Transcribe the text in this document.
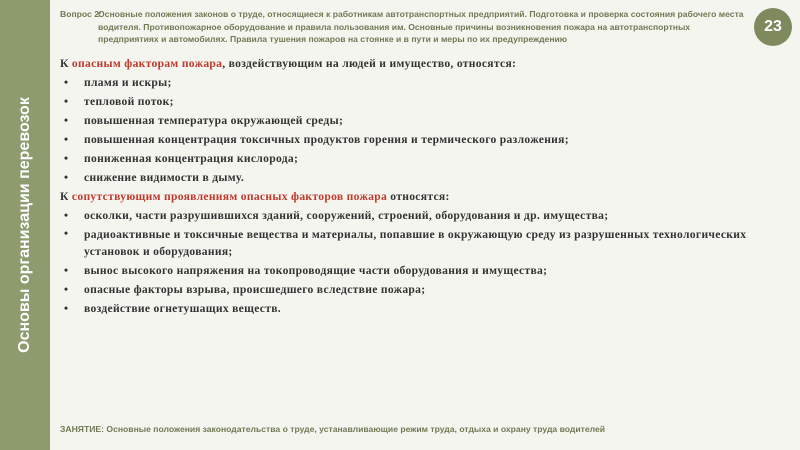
Основы организации перевозок
Вопрос 2:
Основные положения законов о труде, относящиеся к работникам автотранспортных предприятий. Подготовка и проверка состояния рабочего места водителя. Противопожарное оборудование и правила пользования им. Основные причины возникновения пожара на автотранспортных предприятиях и автомобилях. Правила тушения пожаров на стоянке и в пути и меры по их предупреждению
23

К опасным факторам пожара, воздействующим на людей и имущество, относятся:

• пламя и искры;
• тепловой поток;
• повышенная температура окружающей среды;
• повышенная концентрация токсичных продуктов горения и термического разложения;
• пониженная концентрация кислорода;
• снижение видимости в дыму.

К сопутствующим проявлениям опасных факторов пожара относятся:

• осколки, части разрушившихся зданий, сооружений, строений, оборудования и др. имущества;
• радиоактивные и токсичные вещества и материалы, попавшие в окружающую среду из разрушенных технологических установок и оборудования;
• вынос высокого напряжения на токопроводящие части оборудования и имущества;
• опасные факторы взрыва, происшедшего вследствие пожара;
• воздействие огнетушащих веществ.
ЗАНЯТИЕ: Основные положения законодательства о труде, устанавливающие режим труда, отдыха и охрану труда водителей
